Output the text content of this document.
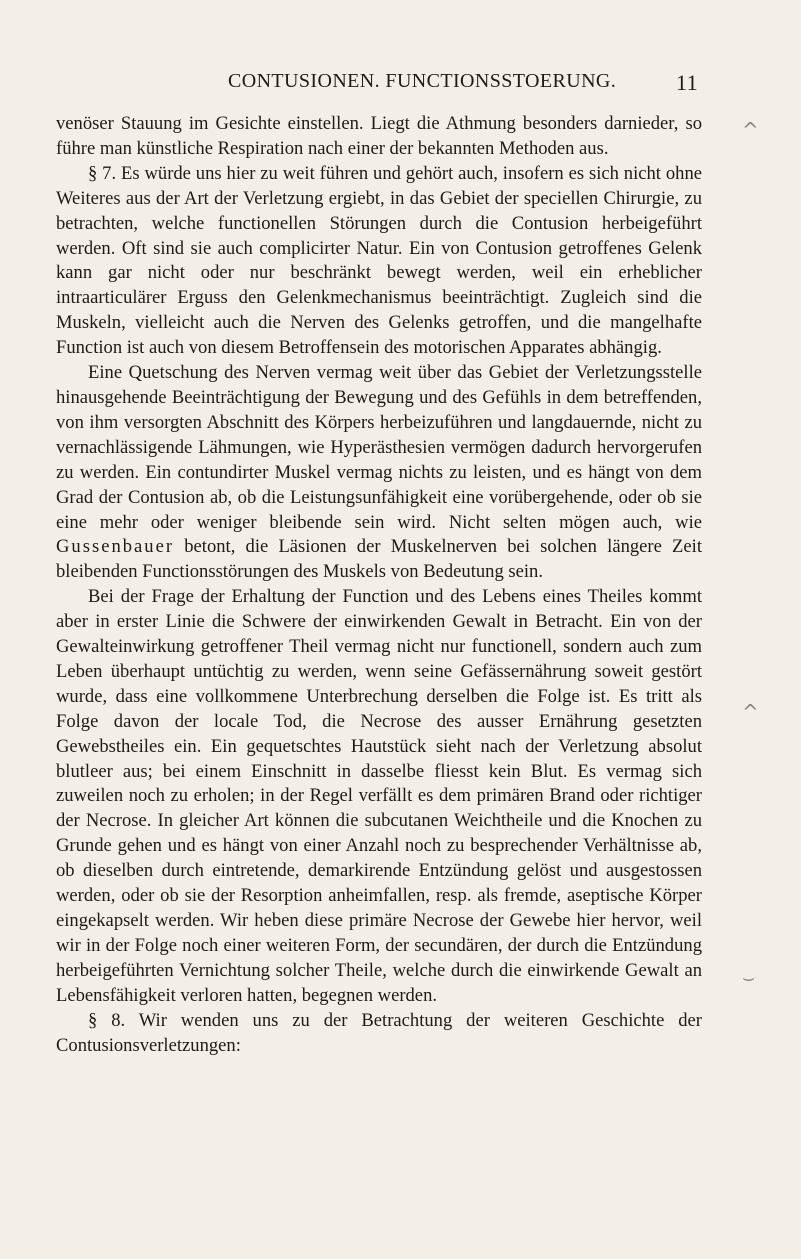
CONTUSIONEN. FUNCTIONSSTOERUNG.	11

venöser Stauung im Gesichte einstellen. Liegt die Athmung besonders darnieder, so führe man künstliche Respiration nach einer der bekannten Methoden aus.

§ 7. Es würde uns hier zu weit führen und gehört auch, insofern es sich nicht ohne Weiteres aus der Art der Verletzung ergiebt, in das Gebiet der speciellen Chirurgie, zu betrachten, welche functionellen Störungen durch die Contusion herbeigeführt werden. Oft sind sie auch complicirter Natur. Ein von Contusion getroffenes Gelenk kann gar nicht oder nur beschränkt bewegt werden, weil ein erheblicher intraarticulärer Erguss den Gelenkmechanismus beeinträchtigt. Zugleich sind die Muskeln, vielleicht auch die Nerven des Gelenks getroffen, und die mangelhafte Function ist auch von diesem Betroffensein des motorischen Apparates abhängig.

Eine Quetschung des Nerven vermag weit über das Gebiet der Verletzungsstelle hinausgehende Beeinträchtigung der Bewegung und des Gefühls in dem betreffenden, von ihm versorgten Abschnitt des Körpers herbeizuführen und langdauernde, nicht zu vernachlässigende Lähmungen, wie Hyperästhesien vermögen dadurch hervorgerufen zu werden. Ein contundirter Muskel vermag nichts zu leisten, und es hängt von dem Grad der Contusion ab, ob die Leistungsunfähigkeit eine vorübergehende, oder ob sie eine mehr oder weniger bleibende sein wird. Nicht selten mögen auch, wie Gussenbauer betont, die Läsionen der Muskelnerven bei solchen längere Zeit bleibenden Functionsstörungen des Muskels von Bedeutung sein.

Bei der Frage der Erhaltung der Function und des Lebens eines Theiles kommt aber in erster Linie die Schwere der einwirkenden Gewalt in Betracht. Ein von der Gewalteinwirkung getroffener Theil vermag nicht nur functionell, sondern auch zum Leben überhaupt untüchtig zu werden, wenn seine Gefässernährung soweit gestört wurde, dass eine vollkommene Unterbrechung derselben die Folge ist. Es tritt als Folge davon der locale Tod, die Necrose des ausser Ernährung gesetzten Gewebstheiles ein. Ein gequetschtes Hautstück sieht nach der Verletzung absolut blutleer aus; bei einem Einschnitt in dasselbe fliesst kein Blut. Es vermag sich zuweilen noch zu erholen; in der Regel verfällt es dem primären Brand oder richtiger der Necrose. In gleicher Art können die subcutanen Weichtheile und die Knochen zu Grunde gehen und es hängt von einer Anzahl noch zu besprechender Verhältnisse ab, ob dieselben durch eintretende, demarkirende Entzündung gelöst und ausgestossen werden, oder ob sie der Resorption anheimfallen, resp. als fremde, aseptische Körper eingekapselt werden. Wir heben diese primäre Necrose der Gewebe hier hervor, weil wir in der Folge noch einer weiteren Form, der secundären, der durch die Entzündung herbeigeführten Vernichtung solcher Theile, welche durch die einwirkende Gewalt an Lebensfähigkeit verloren hatten, begegnen werden.

§ 8. Wir wenden uns zu der Betrachtung der weiteren Geschichte der Contusionsverletzungen:

^
^
⌣
